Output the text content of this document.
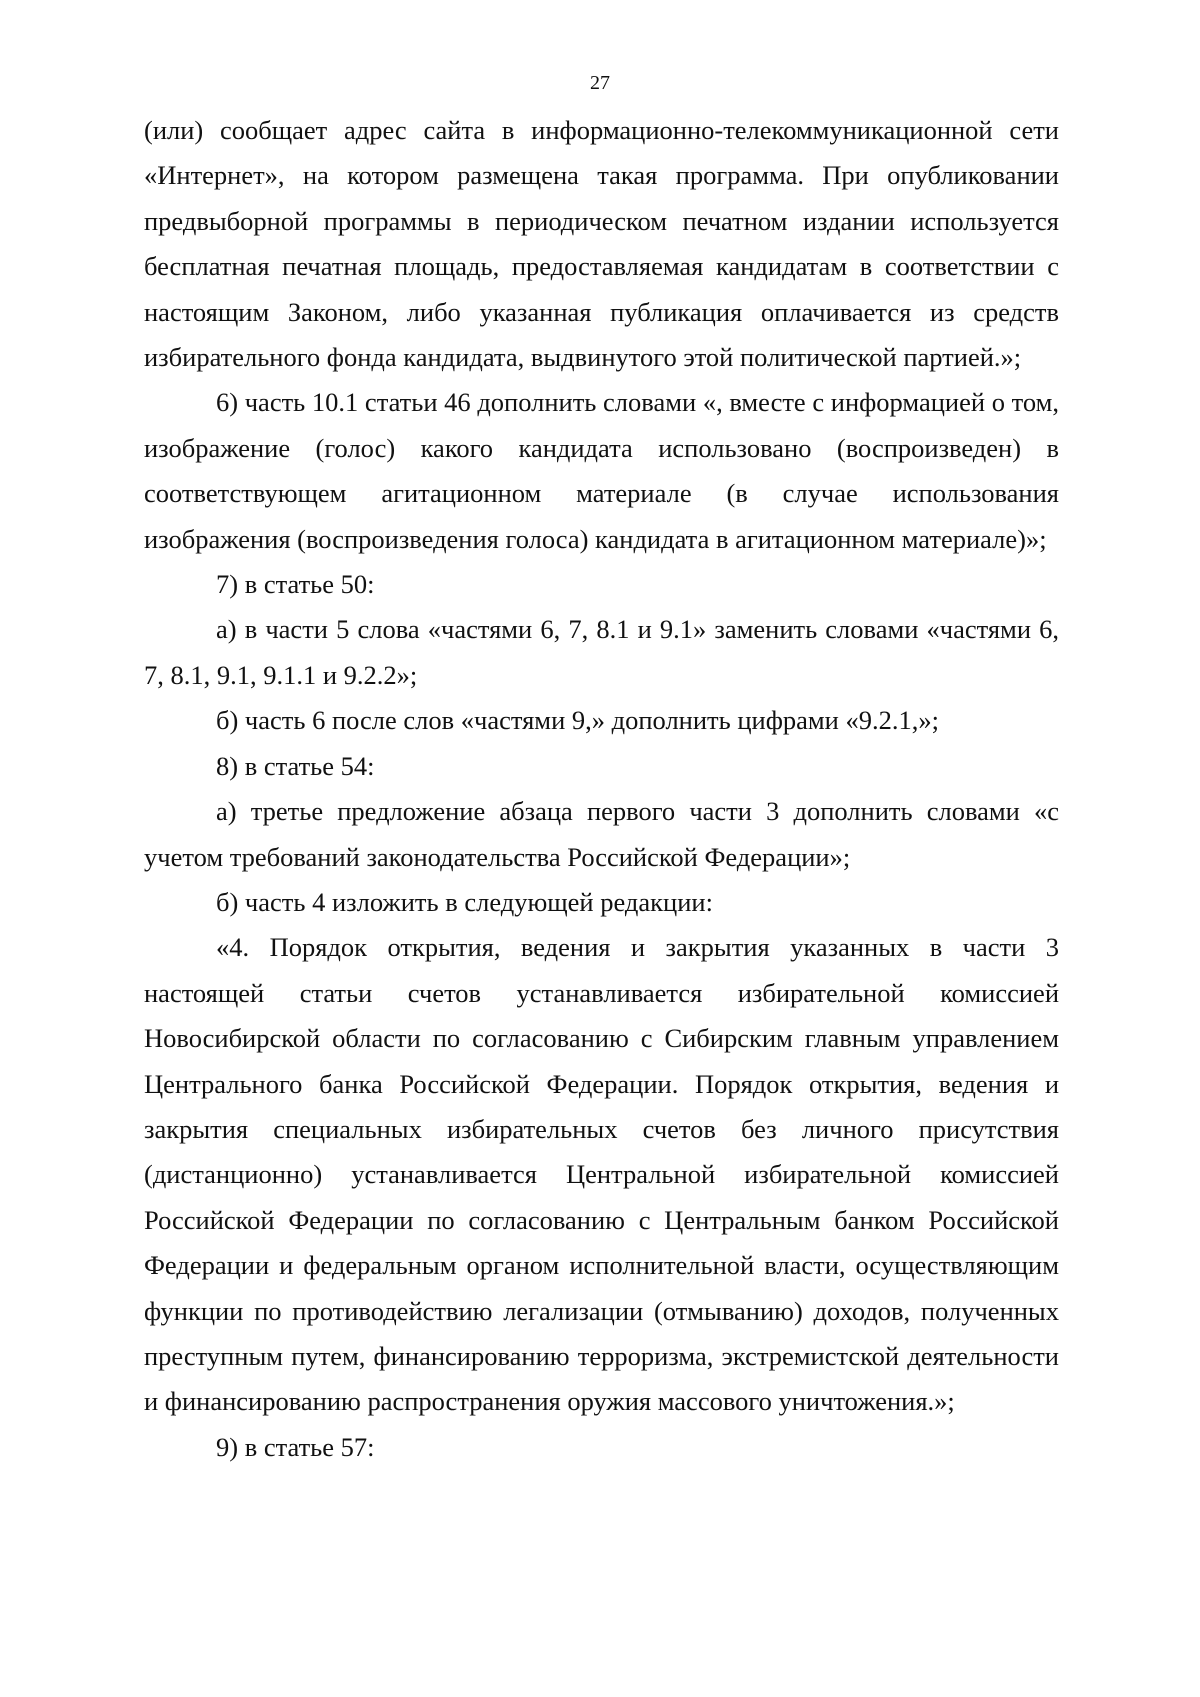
27

(или) сообщает адрес сайта в информационно-телекоммуникационной сети «Интернет», на котором размещена такая программа. При опубликовании предвыборной программы в периодическом печатном издании используется бесплатная печатная площадь, предоставляемая кандидатам в соответствии с настоящим Законом, либо указанная публикация оплачивается из средств избирательного фонда кандидата, выдвинутого этой политической партией.»;

6) часть 10.1 статьи 46 дополнить словами «, вместе с информацией о том, изображение (голос) какого кандидата использовано (воспроизведен) в соответствующем агитационном материале (в случае использования изображения (воспроизведения голоса) кандидата в агитационном материале)»;

7) в статье 50:

а) в части 5 слова «частями 6, 7, 8.1 и 9.1» заменить словами «частями 6, 7, 8.1, 9.1, 9.1.1 и 9.2.2»;

б) часть 6 после слов «частями 9,» дополнить цифрами «9.2.1,»;

8) в статье 54:

а) третье предложение абзаца первого части 3 дополнить словами «с учетом требований законодательства Российской Федерации»;

б) часть 4 изложить в следующей редакции:

«4. Порядок открытия, ведения и закрытия указанных в части 3 настоящей статьи счетов устанавливается избирательной комиссией Новосибирской области по согласованию с Сибирским главным управлением Центрального банка Российской Федерации. Порядок открытия, ведения и закрытия специальных избирательных счетов без личного присутствия (дистанционно) устанавливается Центральной избирательной комиссией Российской Федерации по согласованию с Центральным банком Российской Федерации и федеральным органом исполнительной власти, осуществляющим функции по противодействию легализации (отмыванию) доходов, полученных преступным путем, финансированию терроризма, экстремистской деятельности и финансированию распространения оружия массового уничтожения.»;

9) в статье 57:
